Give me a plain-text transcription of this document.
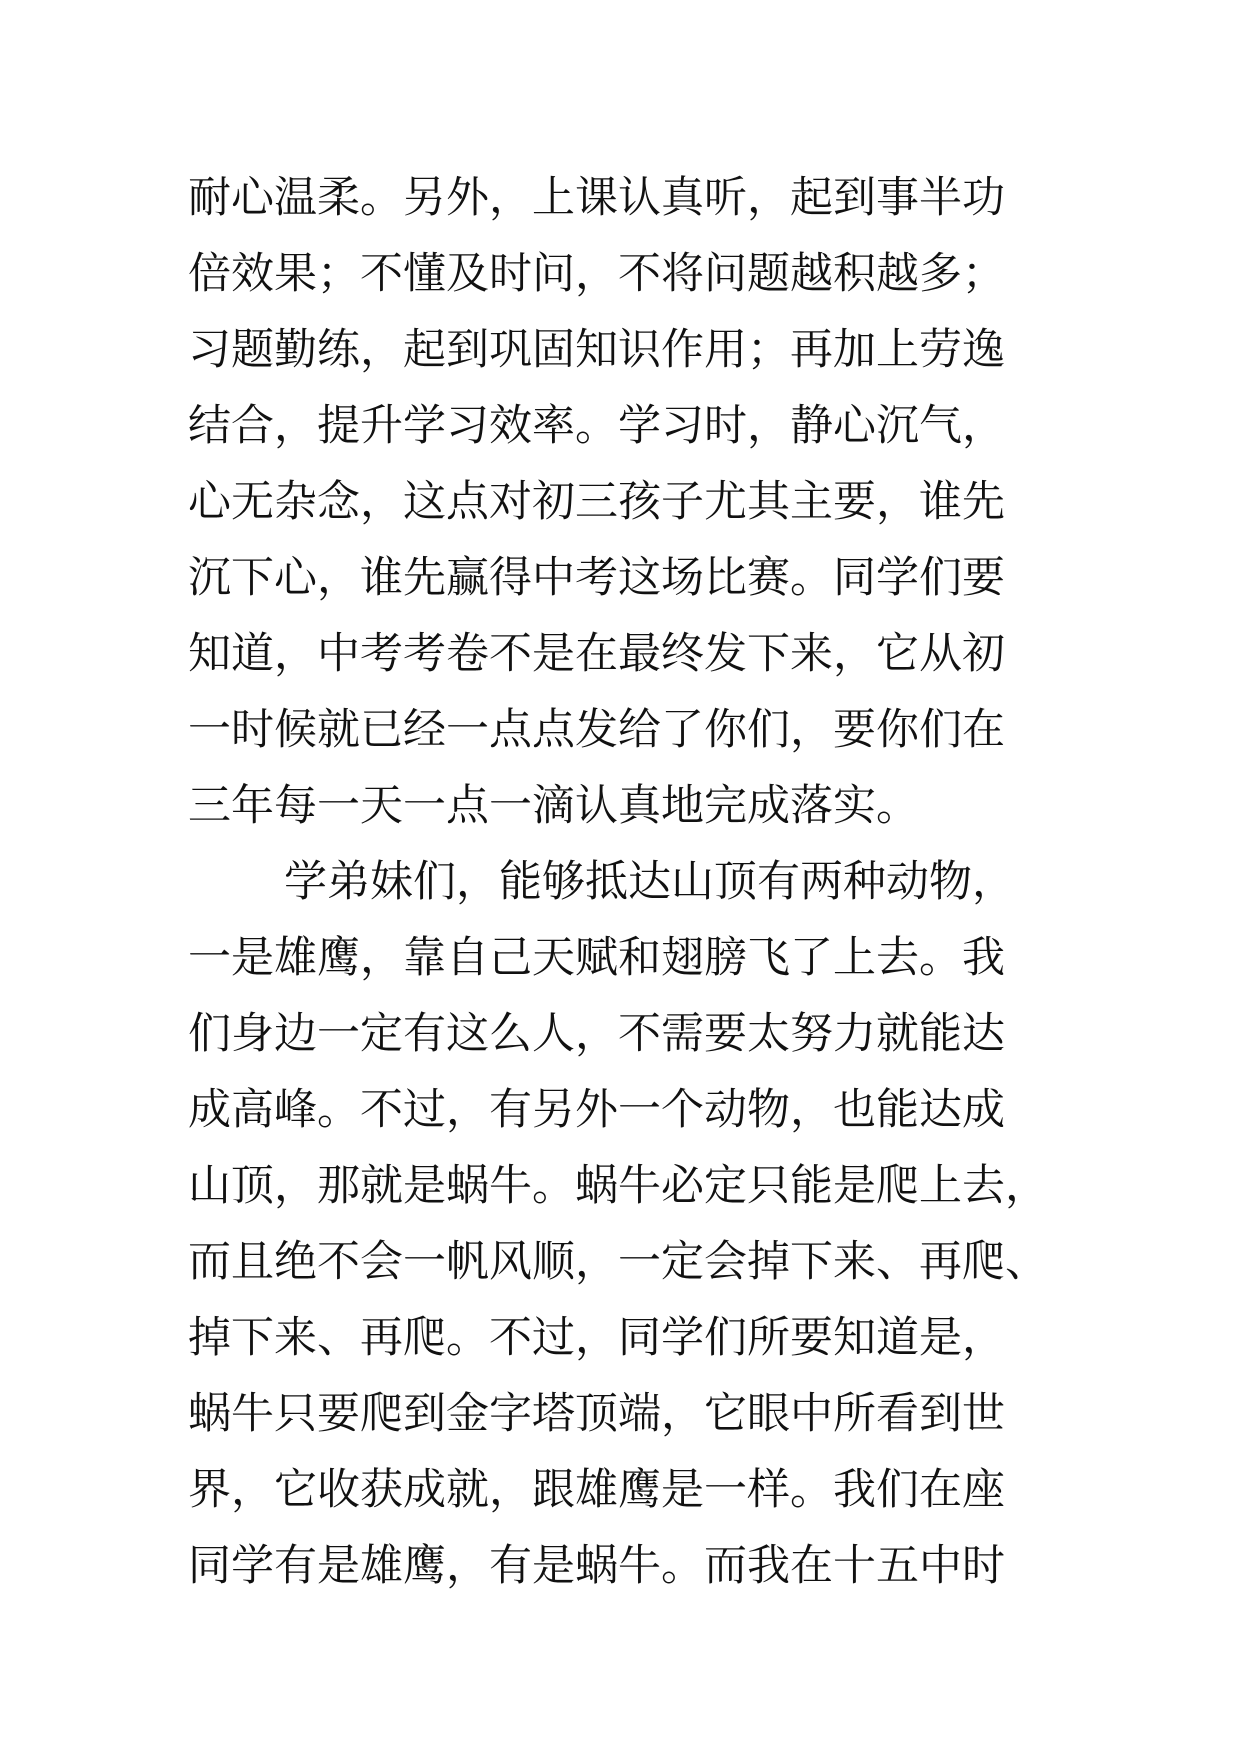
耐心温柔。另外，上课认真听，起到事半功
倍效果；不懂及时问，不将问题越积越多；
习题勤练，起到巩固知识作用；再加上劳逸
结合，提升学习效率。学习时，静心沉气，
心无杂念，这点对初三孩子尤其主要，谁先
沉下心，谁先赢得中考这场比赛。同学们要
知道，中考考卷不是在最终发下来，它从初
一时候就已经一点点发给了你们，要你们在
三年每一天一点一滴认真地完成落实。
学弟妹们，能够抵达山顶有两种动物，
一是雄鹰，靠自己天赋和翅膀飞了上去。我
们身边一定有这么人，不需要太努力就能达
成高峰。不过，有另外一个动物，也能达成
山顶，那就是蜗牛。蜗牛必定只能是爬上去，
而且绝不会一帆风顺，一定会掉下来、再爬、
掉下来、再爬。不过，同学们所要知道是，
蜗牛只要爬到金字塔顶端，它眼中所看到世
界，它收获成就，跟雄鹰是一样。我们在座
同学有是雄鹰，有是蜗牛。而我在十五中时
